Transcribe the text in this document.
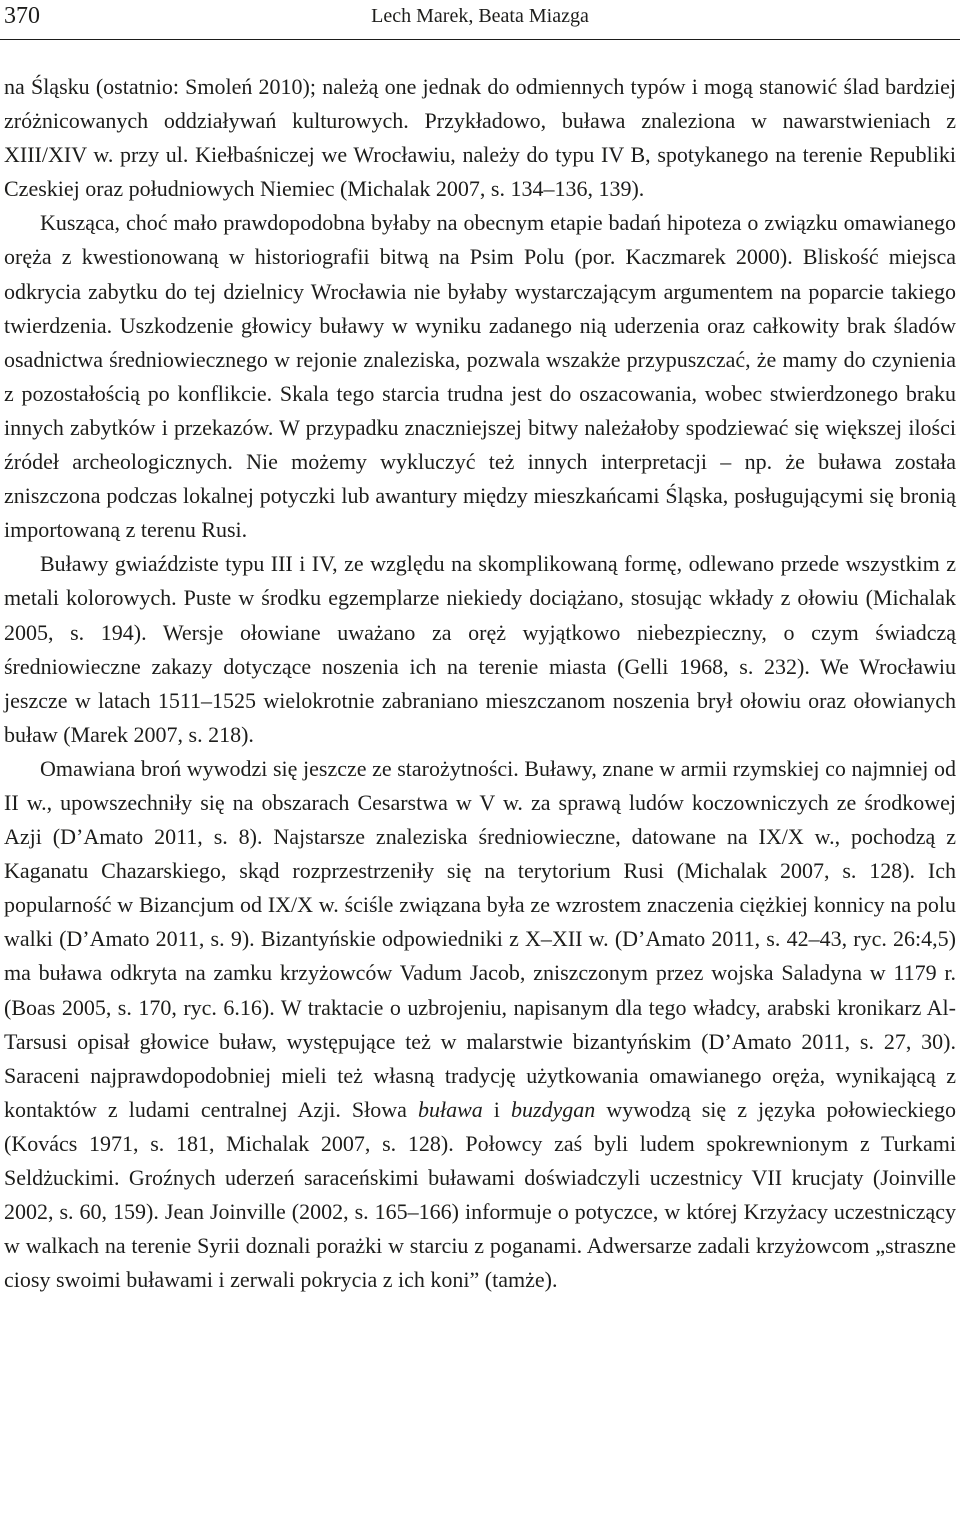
370	Lech Marek, Beata Miazga

na Śląsku (ostatnio: Smoleń 2010); należą one jednak do odmiennych typów i mogą stanowić ślad bardziej zróżnicowanych oddziaływań kulturowych. Przykładowo, buława znaleziona w nawarstwieniach z XIII/XIV w. przy ul. Kiełbaśniczej we Wrocławiu, należy do typu IV B, spotykanego na terenie Republiki Czeskiej oraz południowych Niemiec (Michalak 2007, s. 134–136, 139).

Kusząca, choć mało prawdopodobna byłaby na obecnym etapie badań hipoteza o związku omawianego oręża z kwestionowaną w historiografii bitwą na Psim Polu (por. Kaczmarek 2000). Bliskość miejsca odkrycia zabytku do tej dzielnicy Wrocławia nie byłaby wystarczającym argumentem na poparcie takiego twierdzenia. Uszkodzenie głowicy buławy w wyniku zadanego nią uderzenia oraz całkowity brak śladów osadnictwa średniowiecznego w rejonie znaleziska, pozwala wszakże przypuszczać, że mamy do czynienia z pozostałością po konflikcie. Skala tego starcia trudna jest do oszacowania, wobec stwierdzonego braku innych zabytków i przekazów. W przypadku znaczniejszej bitwy należałoby spodziewać się większej ilości źródeł archeologicznych. Nie możemy wykluczyć też innych interpretacji – np. że buława została zniszczona podczas lokalnej potyczki lub awantury między mieszkańcami Śląska, posługującymi się bronią importowaną z terenu Rusi.

Buławy gwiaździste typu III i IV, ze względu na skomplikowaną formę, odlewano przede wszystkim z metali kolorowych. Puste w środku egzemplarze niekiedy dociążano, stosując wkłady z ołowiu (Michalak 2005, s. 194). Wersje ołowiane uważano za oręż wyjątkowo niebezpieczny, o czym świadczą średniowieczne zakazy dotyczące noszenia ich na terenie miasta (Gelli 1968, s. 232). We Wrocławiu jeszcze w latach 1511–1525 wielokrotnie zabraniano mieszczanom noszenia brył ołowiu oraz ołowianych buław (Marek 2007, s. 218).

Omawiana broń wywodzi się jeszcze ze starożytności. Buławy, znane w armii rzymskiej co najmniej od II w., upowszechniły się na obszarach Cesarstwa w V w. za sprawą ludów koczowniczych ze środkowej Azji (D’Amato 2011, s. 8). Najstarsze znaleziska średniowieczne, datowane na IX/X w., pochodzą z Kaganatu Chazarskiego, skąd rozprzestrzeniły się na terytorium Rusi (Michalak 2007, s. 128). Ich popularność w Bizancjum od IX/X w. ściśle związana była ze wzrostem znaczenia ciężkiej konnicy na polu walki (D’Amato 2011, s. 9). Bizantyńskie odpowiedniki z X–XII w. (D’Amato 2011, s. 42–43, ryc. 26:4,5) ma buława odkryta na zamku krzyżowców Vadum Jacob, zniszczonym przez wojska Saladyna w 1179 r. (Boas 2005, s. 170, ryc. 6.16). W traktacie o uzbrojeniu, napisanym dla tego władcy, arabski kronikarz Al-Tarsusi opisał głowice buław, występujące też w malarstwie bizantyńskim (D’Amato 2011, s. 27, 30). Saraceni najprawdopodobniej mieli też własną tradycję użytkowania omawianego oręża, wynikającą z kontaktów z ludami centralnej Azji. Słowa buława i buzdygan wywodzą się z języka połowieckiego (Kovács 1971, s. 181, Michalak 2007, s. 128). Połowcy zaś byli ludem spokrewnionym z Turkami Seldżuckimi. Groźnych uderzeń saraceńskimi buławami doświadczyli uczestnicy VII krucjaty (Joinville 2002, s. 60, 159). Jean Joinville (2002, s. 165–166) informuje o potyczce, w której Krzyżacy uczestniczący w walkach na terenie Syrii doznali porażki w starciu z poganami. Adwersarze zadali krzyżowcom „straszne ciosy swoimi buławami i zerwali pokrycia z ich koni” (tamże).
